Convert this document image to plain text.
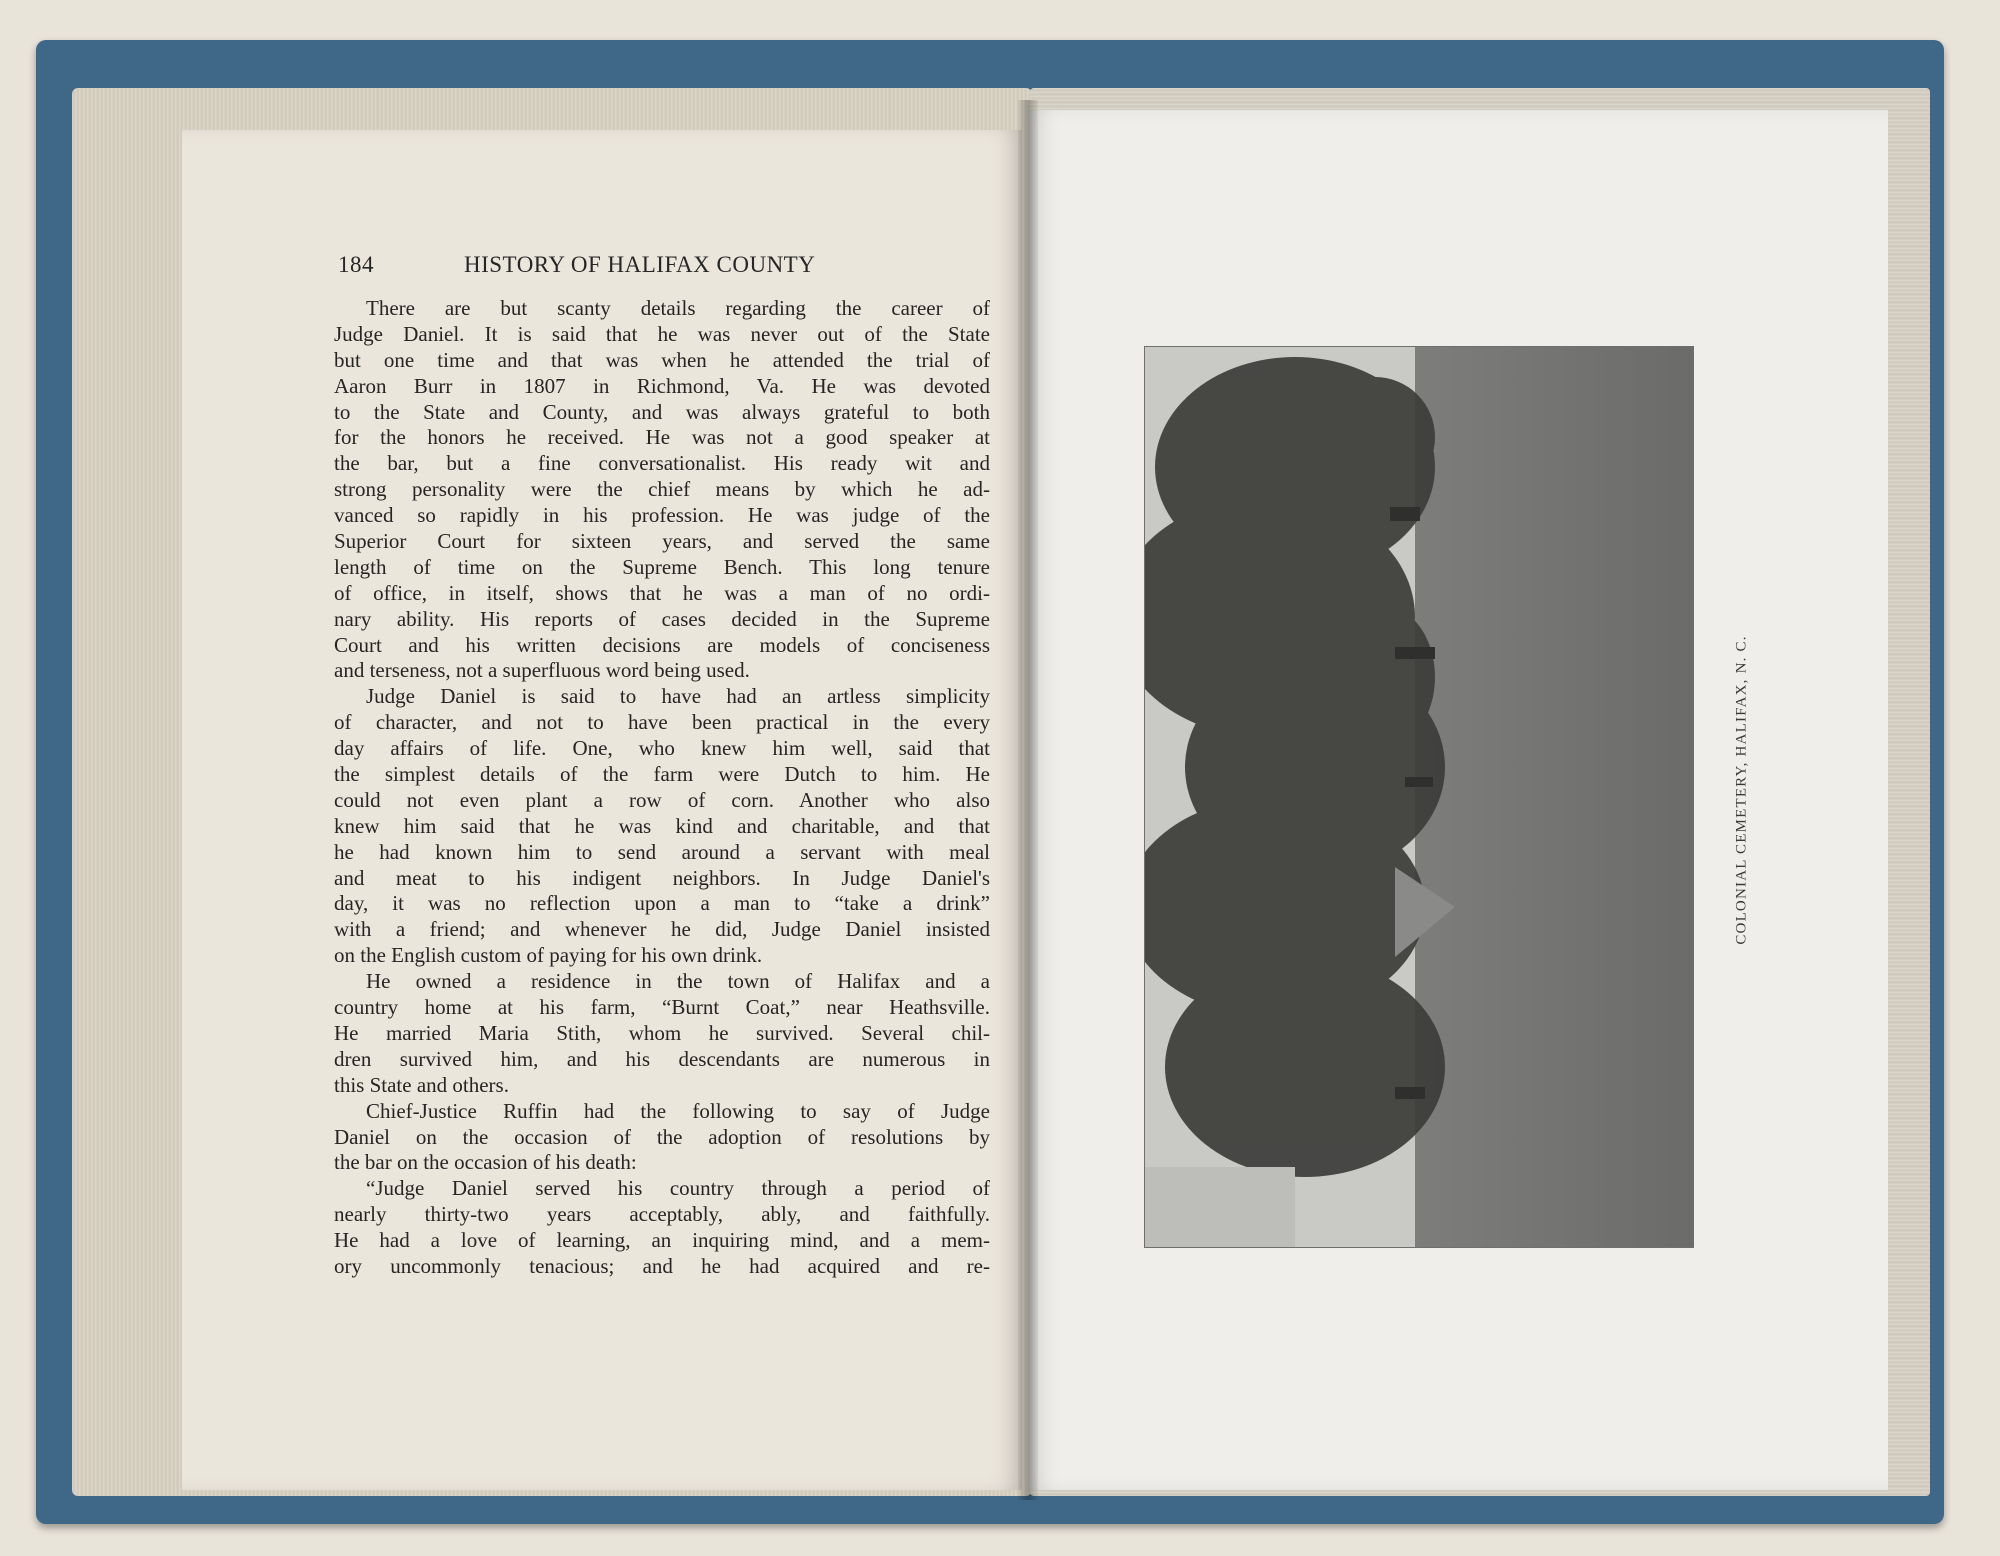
184	HISTORY OF HALIFAX COUNTY
There are but scanty details regarding the career of
Judge Daniel. It is said that he was never out of the State
but one time and that was when he attended the trial of
Aaron Burr in 1807 in Richmond, Va. He was devoted
to the State and County, and was always grateful to both
for the honors he received. He was not a good speaker at
the bar, but a fine conversationalist. His ready wit and
strong personality were the chief means by which he ad-
vanced so rapidly in his profession. He was judge of the
Superior Court for sixteen years, and served the same
length of time on the Supreme Bench. This long tenure
of office, in itself, shows that he was a man of no ordi-
nary ability. His reports of cases decided in the Supreme
Court and his written decisions are models of conciseness
and terseness, not a superfluous word being used.
Judge Daniel is said to have had an artless simplicity
of character, and not to have been practical in the every
day affairs of life. One, who knew him well, said that
the simplest details of the farm were Dutch to him. He
could not even plant a row of corn. Another who also
knew him said that he was kind and charitable, and that
he had known him to send around a servant with meal
and meat to his indigent neighbors. In Judge Daniel's
day, it was no reflection upon a man to “take a drink”
with a friend; and whenever he did, Judge Daniel insisted
on the English custom of paying for his own drink.
He owned a residence in the town of Halifax and a
country home at his farm, “Burnt Coat,” near Heathsville.
He married Maria Stith, whom he survived. Several chil-
dren survived him, and his descendants are numerous in
this State and others.
Chief-Justice Ruffin had the following to say of Judge
Daniel on the occasion of the adoption of resolutions by
the bar on the occasion of his death:
“Judge Daniel served his country through a period of
nearly thirty-two years acceptably, ably, and faithfully.
He had a love of learning, an inquiring mind, and a mem-
ory uncommonly tenacious; and he had acquired and re-
COLONIAL CEMETERY, HALIFAX, N. C.
